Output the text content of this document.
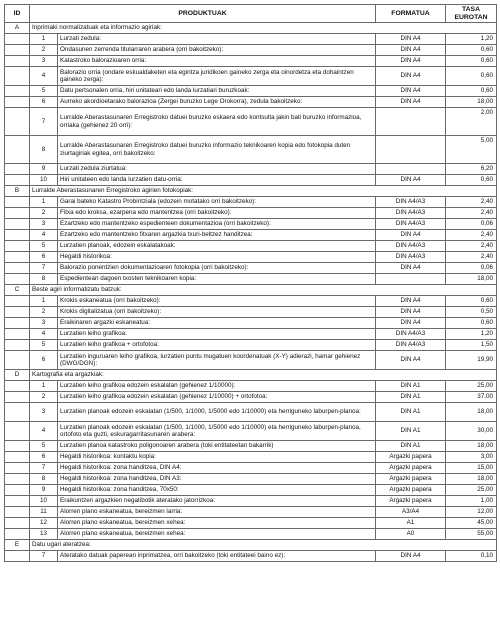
ID	PRODUKTUAK		FORMATUA	TASA
EUROTAN

A	Inprimaki normalizatuak eta informazio agiriak:			
	1	Lurzati zedula:	DIN A4	1,20
	2	Ondasunen zerrenda titularraren arabera (orri bakoitzeko):	DIN A4	0,60
	3	Katastroko balorazioaren orria:	DIN A4	0,60
	4	Balorazio orria (ondare eskualdaketen eta egintza juridikoen gaineko zerga eta oinordetza eta dohaintzen gaineko zerga):	DIN A4	0,60
	5	Datu pertsonalen orria, hiri unitateari edo landa lurzatiari buruzkoak:	DIN A4	0,60
	6	Aurreko akordioetarako balorazioa (Zergei buruzko Lege Orokorra), zedula bakoitzeko:	DIN A4	18,00
	7	Lurralde Aberastasunaren Erregistroko datuei buruzko eskaera edo kontsulta jakin bati buruzko informazioa, orriaka (gehienez 20 orri):		2,00
	8	Lurralde Aberastasunaren Erregistroko datuei buruzko informazio teknikoaren kopia edo fotokopia duten ziurtagiriak egitea, orri bakoitzeko:		5,00
	9	Lurzati zedula ziurtatua:		6,20
	10	Hiri unitateen edo landa lurzatien datu-orria:	DIN A4	0,60
B	Lurralde Aberastasunaren Erregistroko agirien fotokopiak:			
	1	Garai bateko Katastro Probintziala (edozein motatako orri bakoitzeko):	DIN A4/A3	2,40
	2	Fitxa edo kroksa, ezarpena edo mantentzea (orri bakoitzeko):	DIN A4/A3	2,40
	3	Ezartzeko edo mantentzeko espedienteen dokumentazioa (orri bakoitzeko):	DIN A4/A3	0,06
	4	Ezartzeko edo mantentzeko fitxaren argazkia txuri-beltzez handitzea:	DIN A4	2,40
	5	Lurzatien planoak, edozein eskalatakoak:	DIN A4/A3	2,40
	6	Hegaldi historikoa:	DIN A4/A3	2,40
	7	Balorazio ponentzien dokumentazioaren fotokopia (orri bakoitzeko):	DIN A4	0,06
	8	Espedientean dagoen txosten teknikoaren kopia:		18,00
C	Beste agiri informatizatu batzuk:			
	1	Krokis eskaneatua (orri bakoitzeko):	DIN A4	0,60
	2	Krokis digitalizatua (orri bakoitzeko):	DIN A4	0,50
	3	Eraikinaren argazki eskaneatua:	DIN A4	0,60
	4	Lurzatien leiho grafikoa:	DIN A4/A3	1,20
	5	Lurzatien leiho grafikoa + ortofotoa:	DIN A4/A3	1,50
	6	Lurzatien inguruaren leiho grafikoa, lurzatien puntu mugatuen koordenatuak (X-Y) adierazi, hamar gehienez (DWG/DGN):	DIN A4	19,90
D	Kartografia eta argazkiak:			
	1	Lurzatien leiho grafikoa edozein eskalatan (gehienez 1/10000):	DIN A1	25,00
	2	Lurzatien leiho grafikoa edozein eskalatan (gehienez 1/10000) + ortofotoa:	DIN A1	37,00
	3	Lurzatien planoak edozein eskalatan (1/500, 1/1000, 1/5000 edo 1/10000) eta herriguneko laburpen-planoa:	DIN A1	18,00
	4	Lurzatien planoak edozein eskalatan (1/500, 1/1000, 1/5000 edo 1/10000) eta herriguneko laburpen-planoa, ortofoto eta guzti, eskuragarritasunaren arabera:	DIN A1	30,00
	5	Lurzatien planoa katastroko poligonoaren arabera (toki entitateetan bakarrik)	DIN A1	18,00
	6	Hegaldi historikoa: kontaktu kopia:	Argazki papera	3,00
	7	Hegaldi historikoa: zona handitzea, DIN A4:	Argazki papera	15,00
	8	Hegaldi historikoa: zona handitzea, DIN A3:	Argazki papera	18,00
	9	Hegaldi historikoa: zona handitzea, 70x50:	Argazki papera	25,00
	10	Eraikuntzen argazkien negatibotik ateratako jatorrizkoa:	Argazki papera	1,00
	11	Alorren plano eskaneatua, bereizmen larria:	A3/A4	12,00
	12	Alorren plano eskaneatua, bereizmen xehea:	A1	45,00
	13	Alorren plano eskaneatua, bereizmen xehea:	A0	55,00
E	Datu ugari ateratzea:			
	7	Ateratako datuak paperean inprimatzea, orri bakoitzeko (toki entitateei baino ez):	DIN A4	0,10
